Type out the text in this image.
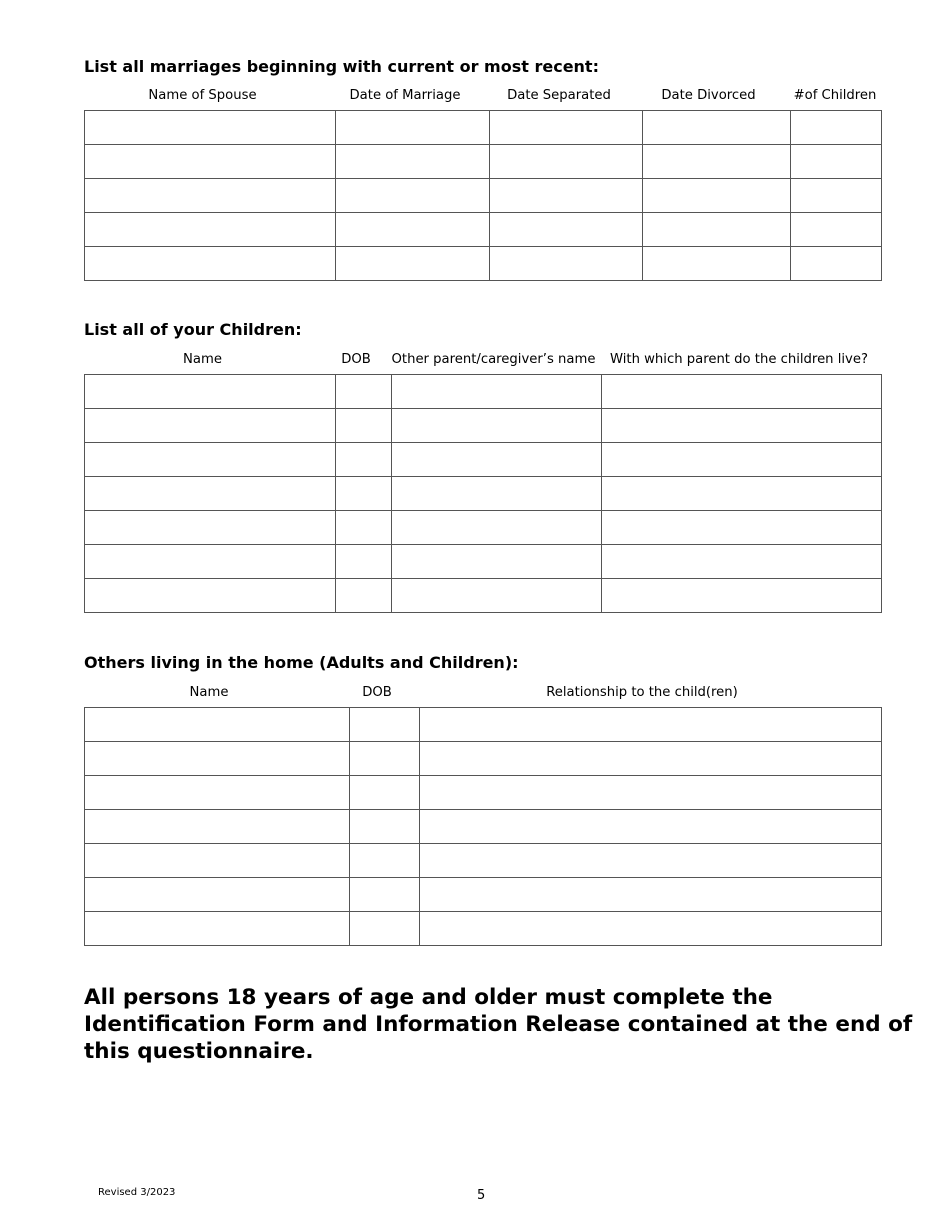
List all marriages beginning with current or most recent:
Name of Spouse	Date of Marriage	Date Separated	Date Divorced	#of Children

List all of your Children:
Name	DOB	Other parent/caregiver’s name	With which parent do the children live?

Others living in the home (Adults and Children):
Name	DOB	Relationship to the child(ren)

All persons 18 years of age and older must complete the Identification Form and Information Release contained at the end of this questionnaire.

Revised 3/2023	5
